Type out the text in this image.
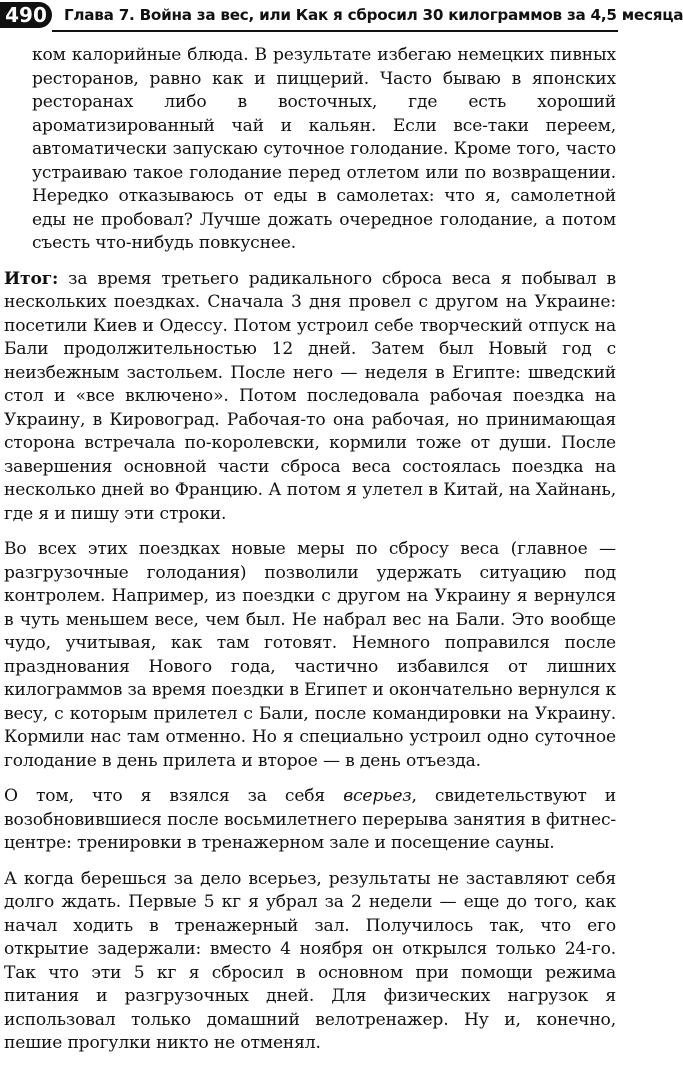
490	Глава 7. Война за вес, или Как я сбросил 30 килограммов за 4,5 месяца

ком калорийные блюда. В результате избегаю немецких пивных ресторанов, равно как и пиццерий. Часто бываю в японских ресторанах либо в восточных, где есть хороший ароматизированный чай и кальян. Если все-таки переем, автоматически запускаю суточное голодание. Кроме того, часто устраиваю такое голодание перед отлетом или по возвращении. Нередко отказываюсь от еды в самолетах: что я, самолетной еды не пробовал? Лучше дожать очередное голодание, а потом съесть что-нибудь повкуснее.

Итог: за время третьего радикального сброса веса я побывал в нескольких поездках. Сначала 3 дня провел с другом на Украине: посетили Киев и Одессу. Потом устроил себе творческий отпуск на Бали продолжительностью 12 дней. Затем был Новый год с неизбежным застольем. После него — неделя в Египте: шведский стол и «все включено». Потом последовала рабочая поездка на Украину, в Кировоград. Рабочая-то она рабочая, но принимающая сторона встречала по-королевски, кормили тоже от души. После завершения основной части сброса веса состоялась поездка на несколько дней во Францию. А потом я улетел в Китай, на Хайнань, где я и пишу эти строки.

Во всех этих поездках новые меры по сбросу веса (главное — разгрузочные голодания) позволили удержать ситуацию под контролем. Например, из поездки с другом на Украину я вернулся в чуть меньшем весе, чем был. Не набрал вес на Бали. Это вообще чудо, учитывая, как там готовят. Немного поправился после празднования Нового года, частично избавился от лишних килограммов за время поездки в Египет и окончательно вернулся к весу, с которым прилетел с Бали, после командировки на Украину. Кормили нас там отменно. Но я специально устроил одно суточное голодание в день прилета и второе — в день отъезда.

О том, что я взялся за себя всерьез, свидетельствуют и возобновившиеся после восьмилетнего перерыва занятия в фитнес-центре: тренировки в тренажерном зале и посещение сауны.

А когда берешься за дело всерьез, результаты не заставляют себя долго ждать. Первые 5 кг я убрал за 2 недели — еще до того, как начал ходить в тренажерный зал. Получилось так, что его открытие задержали: вместо 4 ноября он открылся только 24-го. Так что эти 5 кг я сбросил в основном при помощи режима питания и разгрузочных дней. Для физических нагрузок я использовал только домашний велотренажер. Ну и, конечно, пешие прогулки никто не отменял.
